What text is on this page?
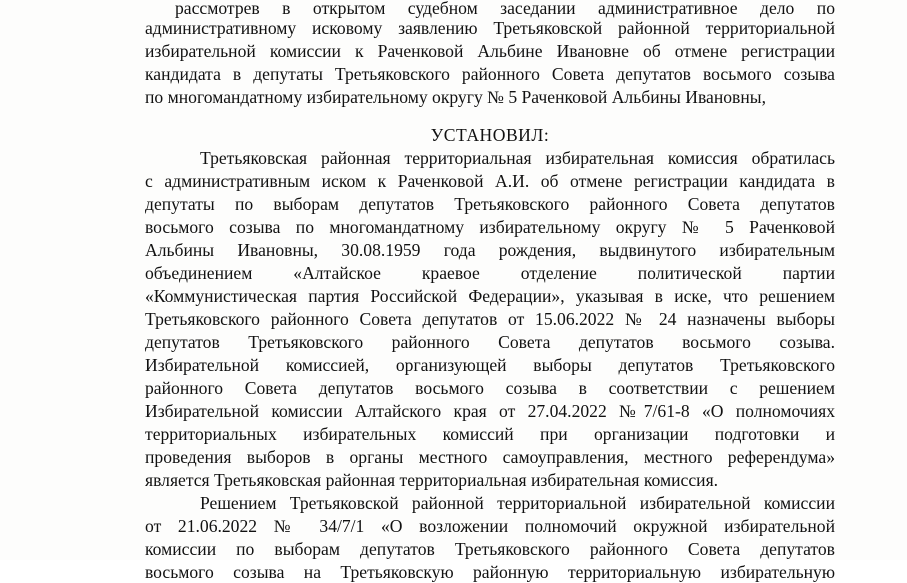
рассмотрев в открытом судебном заседании административное дело по
административному исковому заявлению Третьяковской районной территориальной
избирательной комиссии к Раченковой Альбине Ивановне об отмене регистрации
кандидата в депутаты Третьяковского районного Совета депутатов восьмого созыва
по многомандатному избирательному округу № 5 Раченковой Альбины Ивановны,
УСТАНОВИЛ:
Третьяковская районная территориальная избирательная комиссия обратилась
с административным иском к Раченковой А.И. об отмене регистрации кандидата в
депутаты по выборам депутатов Третьяковского районного Совета депутатов
восьмого созыва по многомандатному избирательному округу № 5 Раченковой
Альбины Ивановны, 30.08.1959 года рождения, выдвинутого избирательным
объединением «Алтайское краевое отделение политической партии
«Коммунистическая партия Российской Федерации», указывая в иске, что решением
Третьяковского районного Совета депутатов от 15.06.2022 № 24 назначены выборы
депутатов Третьяковского районного Совета депутатов восьмого созыва.
Избирательной комиссией, организующей выборы депутатов Третьяковского
районного Совета депутатов восьмого созыва в соответствии с решением
Избирательной комиссии Алтайского края от 27.04.2022 №7/61-8 «О полномочиях
территориальных избирательных комиссий при организации подготовки и
проведения выборов в органы местного самоуправления, местного референдума»
является Третьяковская районная территориальная избирательная комиссия.
Решением Третьяковской районной территориальной избирательной комиссии
от 21.06.2022 № 34/7/1 «О возложении полномочий окружной избирательной
комиссии по выборам депутатов Третьяковского районного Совета депутатов
восьмого созыва на Третьяковскую районную территориальную избирательную
